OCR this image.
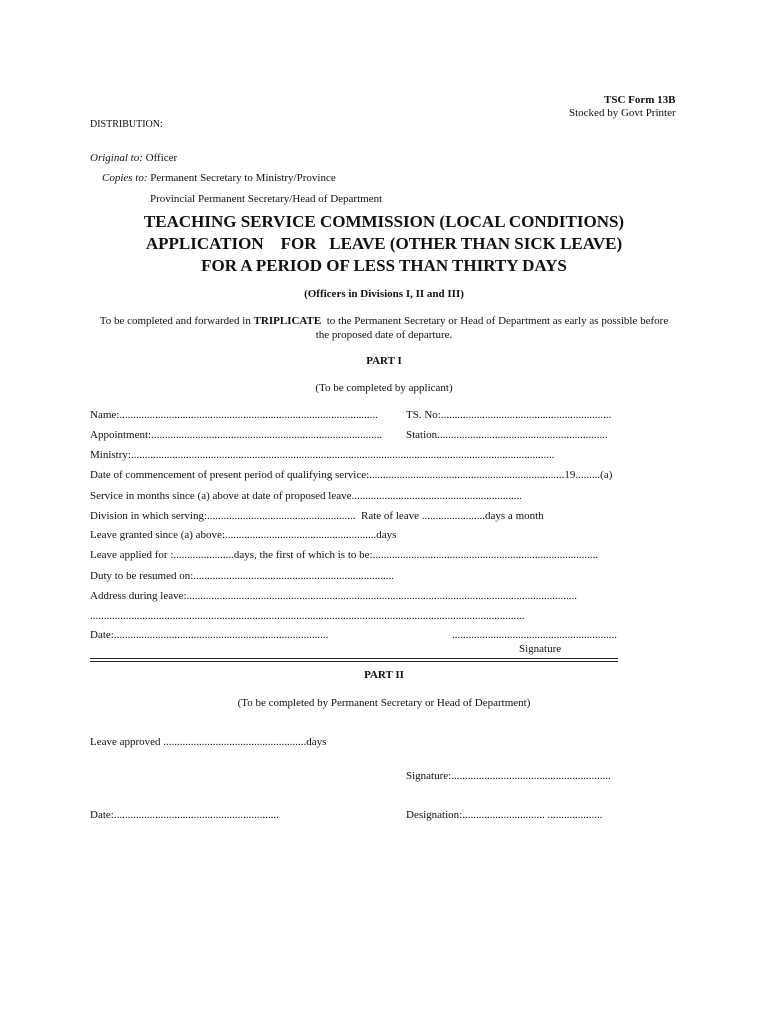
TSC Form 13B
Stocked by Govt Printer
DISTRIBUTION:
Original to: Officer
Copies to: Permanent Secretary to Ministry/Province
Provincial Permanent Secretary/Head of Department
TEACHING SERVICE COMMISSION (LOCAL CONDITIONS)
APPLICATION    FOR   LEAVE (OTHER THAN SICK LEAVE)
FOR A PERIOD OF LESS THAN THIRTY DAYS
(Officers in Divisions I, II and III)
To be completed and forwarded in TRIPLICATE  to the Permanent Secretary or Head of Department as early as possible before
the proposed date of departure.
PART I
(To be completed by applicant)
Name:..............................................................................................	TS. No:..............................................................
Appointment:.................................................................................... Station..............................................................
Ministry:..........................................................................................................................................................
Date of commencement of present period of qualifying service:.......................................................................19.........(a)
Service in months since (a) above at date of proposed leave..............................................................
Division in which serving:...................................................... Rate of leave .......................days a month
Leave granted since (a) above:.......................................................days
Leave applied for :......................days, the first of which is to be:..................................................................................
Duty to be resumed on:.........................................................................
Address during leave:..............................................................................................................................................
..............................................................................................................................................................
Date:..............................................................................	............................................................
Signature
PART II
(To be completed by Permanent Secretary or Head of Department)
Leave approved ....................................................days
Signature:..........................................................
Date:............................................................	Designation:.............................. ....................
